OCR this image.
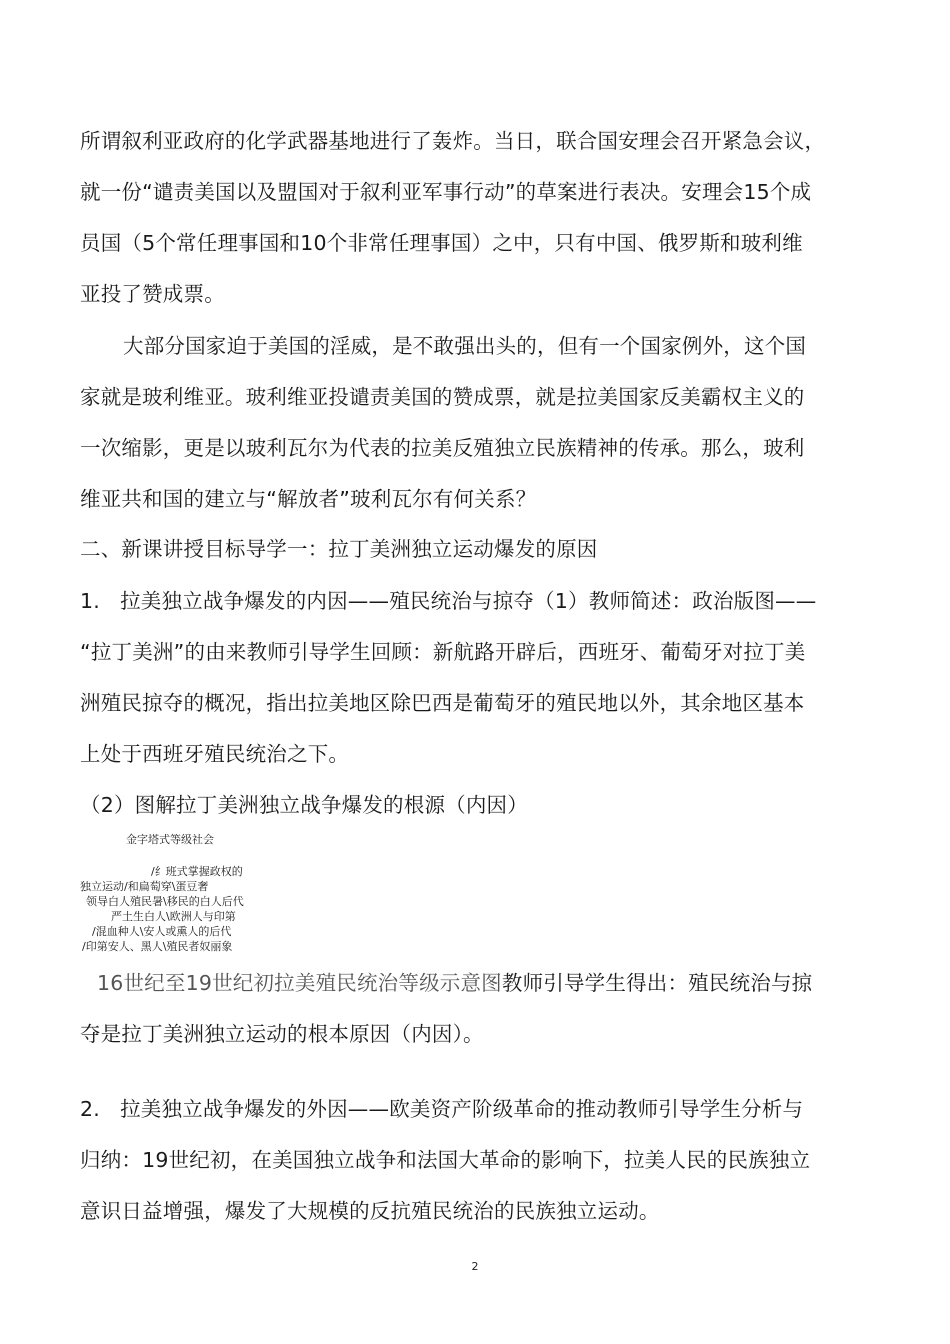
所谓叙利亚政府的化学武器基地进行了轰炸。当日，联合国安理会召开紧急会议，
就一份“谴责美国以及盟国对于叙利亚军事行动”的草案进行表决。安理会15个成
员国（5个常任理事国和10个非常任理事国）之中，只有中国、俄罗斯和玻利维
亚投了赞成票。
大部分国家迫于美国的淫威，是不敢强出头的，但有一个国家例外，这个国
家就是玻利维亚。玻利维亚投谴责美国的赞成票，就是拉美国家反美霸权主义的
一次缩影，更是以玻利瓦尔为代表的拉美反殖独立民族精神的传承。那么，玻利
维亚共和国的建立与“解放者”玻利瓦尔有何关系？
二、新课讲授目标导学一：拉丁美洲独立运动爆发的原因
1.   拉美独立战争爆发的内因——殖民统治与掠夺（1）教师简述：政治版图——
“拉丁美洲”的由来教师引导学生回顾：新航路开辟后，西班牙、葡萄牙对拉丁美
洲殖民掠夺的概况，指出拉美地区除巴西是葡萄牙的殖民地以外，其余地区基本
上处于西班牙殖民统治之下。
（2）图解拉丁美洲独立战争爆发的根源（内因）
金字塔式等级社会
/纟班式掌握政权的
独立运动/和扁萄穿\蛋豆奢
领导白人殖民暑\移民的白人后代
严土生白人\欧洲人与印第
/混血种人\安人或熏人的后代
/印第安人、黑人\殖民者奴丽象
16世纪至19世纪初拉美殖民统治等级示意图教师引导学生得出：殖民统治与掠
夺是拉丁美洲独立运动的根本原因（内因）。
2.   拉美独立战争爆发的外因——欧美资产阶级革命的推动教师引导学生分析与
归纳：19世纪初，在美国独立战争和法国大革命的影响下，拉美人民的民族独立
意识日益增强，爆发了大规模的反抗殖民统治的民族独立运动。
2
